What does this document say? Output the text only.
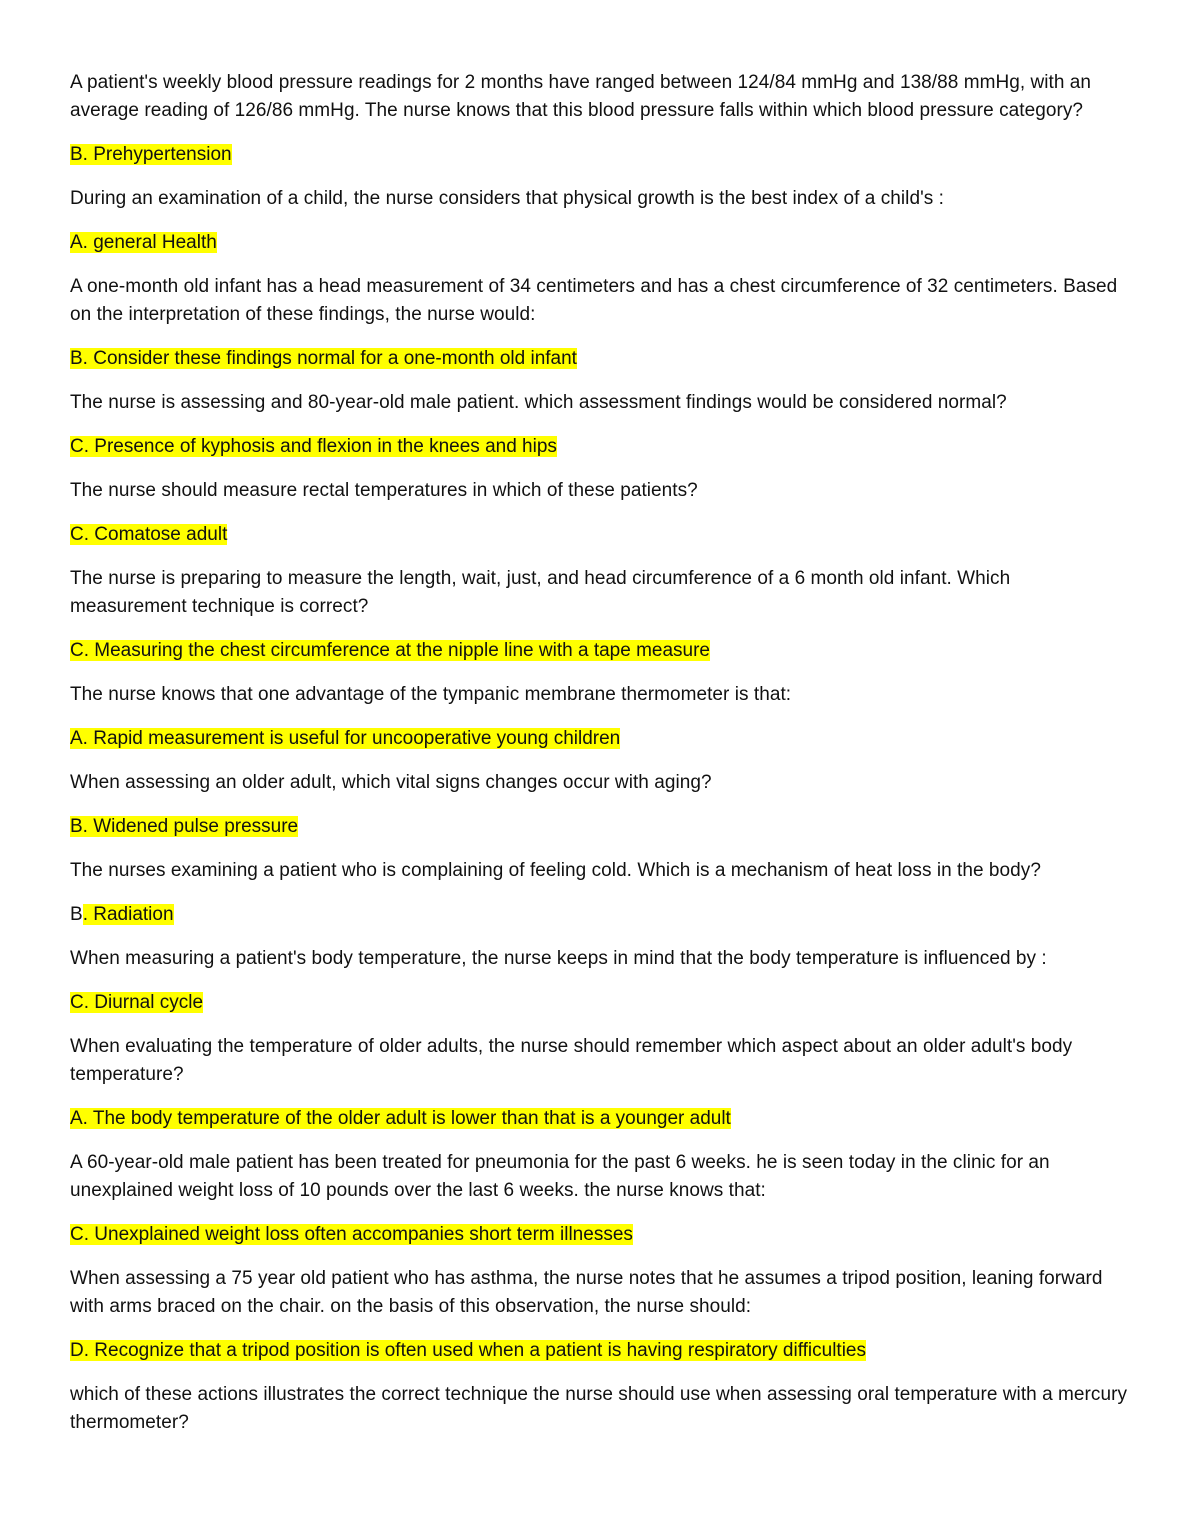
A patient's weekly blood pressure readings for 2 months have ranged between 124/84 mmHg and 138/88 mmHg, with an average reading of 126/86 mmHg. The nurse knows that this blood pressure falls within which blood pressure category?

B. Prehypertension

During an examination of a child, the nurse considers that physical growth is the best index of a child's :

A. general Health

A one-month old infant has a head measurement of 34 centimeters and has a chest circumference of 32 centimeters. Based on the interpretation of these findings, the nurse would:

B. Consider these findings normal for a one-month old infant

The nurse is assessing and 80-year-old male patient. which assessment findings would be considered normal?

C. Presence of kyphosis and flexion in the knees and hips

The nurse should measure rectal temperatures in which of these patients?

C. Comatose adult

The nurse is preparing to measure the length, wait, just, and head circumference of a 6 month old infant. Which measurement technique is correct?

C. Measuring the chest circumference at the nipple line with a tape measure

The nurse knows that one advantage of the tympanic membrane thermometer is that:

A. Rapid measurement is useful for uncooperative young children

When assessing an older adult, which vital signs changes occur with aging?

B. Widened pulse pressure

The nurses examining a patient who is complaining of feeling cold. Which is a mechanism of heat loss in the body?

B. Radiation

When measuring a patient's body temperature, the nurse keeps in mind that the body temperature is influenced by :

C. Diurnal cycle

When evaluating the temperature of older adults, the nurse should remember which aspect about an older adult's body temperature?

A. The body temperature of the older adult is lower than that is a younger adult

A 60-year-old male patient has been treated for pneumonia for the past 6 weeks. he is seen today in the clinic for an unexplained weight loss of 10 pounds over the last 6 weeks. the nurse knows that:

C. Unexplained weight loss often accompanies short term illnesses

When assessing a 75 year old patient who has asthma, the nurse notes that he assumes a tripod position, leaning forward with arms braced on the chair. on the basis of this observation, the nurse should:

D. Recognize that a tripod position is often used when a patient is having respiratory difficulties

which of these actions illustrates the correct technique the nurse should use when assessing oral temperature with a mercury thermometer?
